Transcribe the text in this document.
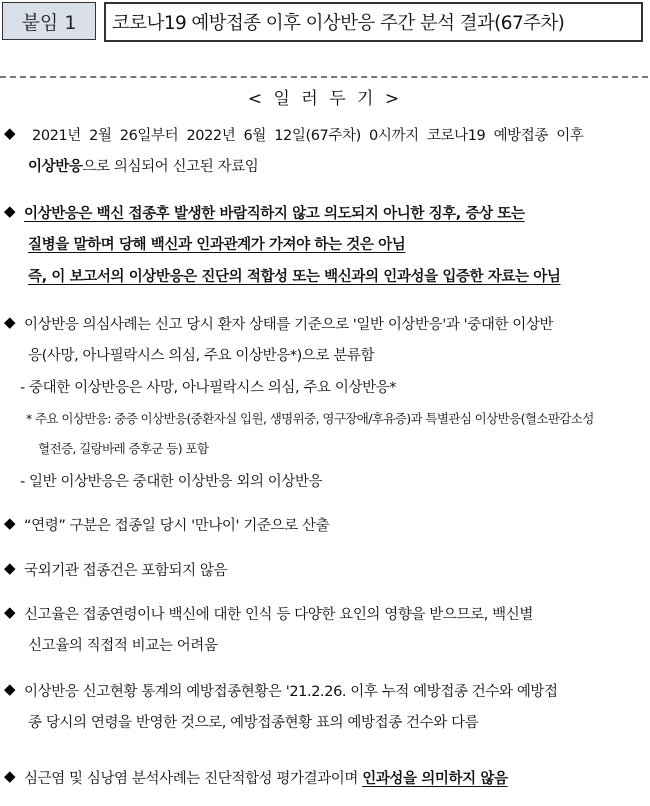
붙임 1	코로나19 예방접종 이후 이상반응 주간 분석 결과(67주차)
< 일 러 두 기 >
◆ 2021년 2월 26일부터 2022년 6월 12일(67주차) 0시까지 코로나19 예방접종 이후
이상반응으로 의심되어 신고된 자료임
◆ 이상반응은 백신 접종후 발생한 바람직하지 않고 의도되지 아니한 징후, 증상 또는
질병을 말하며 당해 백신과 인과관계가 가져야 하는 것은 아님
즉, 이 보고서의 이상반응은 진단의 적합성 또는 백신과의 인과성을 입증한 자료는 아님
◆ 이상반응 의심사례는 신고 당시 환자 상태를 기준으로 '일반 이상반응'과 '중대한 이상반
응(사망, 아나필락시스 의심, 주요 이상반응*)으로 분류함
- 중대한 이상반응은 사망, 아나필락시스 의심, 주요 이상반응*
* 주요 이상반응: 중증 이상반응(중환자실 입원, 생명위중, 영구장애/후유증)과 특별관심 이상반응(혈소판감소성
혈전증, 길랑바레 증후군 등) 포함
- 일반 이상반응은 중대한 이상반응 외의 이상반응
◆ “연령” 구분은 접종일 당시 '만나이' 기준으로 산출
◆ 국외기관 접종건은 포함되지 않음
◆ 신고율은 접종연령이나 백신에 대한 인식 등 다양한 요인의 영향을 받으므로, 백신별
신고율의 직접적 비교는 어려움
◆ 이상반응 신고현황 통계의 예방접종현황은 '21.2.26. 이후 누적 예방접종 건수와 예방접
종 당시의 연령을 반영한 것으로, 예방접종현황 표의 예방접종 건수와 다름
◆ 심근염 및 심낭염 분석사례는 진단적합성 평가결과이며 인과성을 의미하지 않음
